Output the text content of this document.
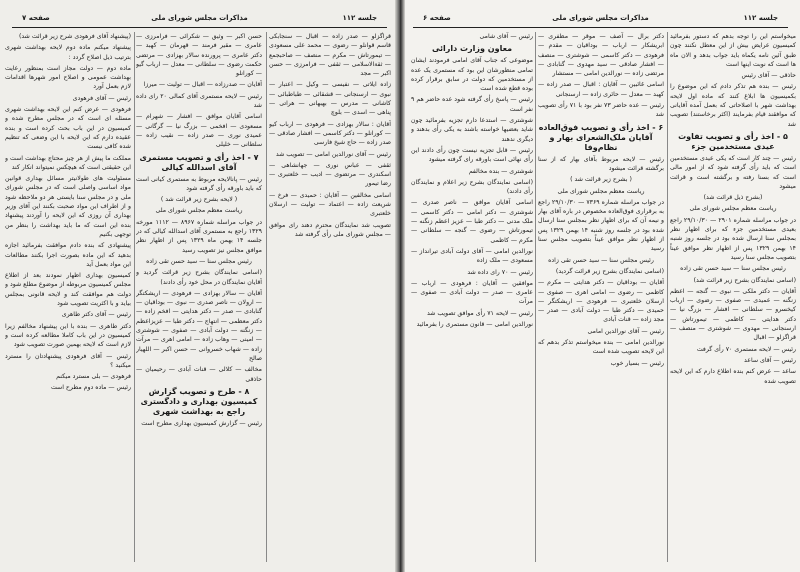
جلسه ۱۱۲
مذاکرات مجلس شورای ملی
صفحه ۷

قراگزلو — صدر زاده — اقبال — سنجابکی قاسم قوانلو — رضوی — محمد علی مسعودی — تیمورتاش — مکرم — منصف — صاحبجمع — ثقةالاسلامی — ثقفی — فرامرزی — حسن اکبر — مجد

زاده ایلاتی — نفیسی — وکیل — اعتبار — نبوی — ارسنجانی — قشقائی — طباطبائی — کاشانی — مدرس — بهبهانی — هراتی — پناهی — اسدی — بلوچ

آقایان : سالار بهزادی — فرهودی — ارباب کیو — کورانلو — دکتر کاسمی — افشار صادقی — صدر زاده — حاج شیخ فارسی

رئیس — آقای نورالدین امامی — تصویب شد

ثقفی — عباس نوری — جهانشاهی — اسکندری — مرتضوی — ادیب — خلعتبری — رضا تیمور

اسامی مخالفین — آقایان : حمیدی — فرخ — شریعت زاده — اعتماد — تولیت — ارسلان خلعتبری

تصویب شد نمایندگان محترم دهند رای موافق — مجلس شورای ملی رأی گرفته شد

حسن اکبر — وثیق — شکرائی — فرامرزی — عامری — مقیر فرمند — قهرمان — کهبد — دکتر عامری — پرورنده سالار بهزادی — مرتضی حکمت رضوی — سلطانی — معدل — ارباب گیو — کورانلو

آقایان — صدرزاده — اقبال — تولیت — میرزا

رئیس — لایحه مستمری آقای کمالی ۲۰ رای داده شد

اسامی آقایان موافق — افشار — شهرام — مسعودی — افخمی — بزرگ نیا — گرگانی — عمیدی نوری — صدر زاده — نقیب زاده — سلطانی — خلیلی

۷ - اخذ رأی و تصویب مستمری آقای اسدالله کیالی

رئیس — پانالایحه مربوط به مستمری کیانی است که باید باورقه رأی گرفته شود

( لایحه بشرح زیر قرائت شد )

ریاست معظم مجلس شورای ملی

در جواب مراسله شماره ۸۹۶۷ — ۱۱۱۲ مورخه ۱۳۲۹ راجع به مستمری آقای اسدالله کیالی که در جلسه ۱۴ بهمن ماه ۱۳۲۹ پس از اظهار نظر موافق مجلس نیز تصویب رسید

رئیس مجلس سنا — سید حسن تقی زاده

(اسامی نمایندگان بشرح زیر قرائت گردید و آقایان نمایندگان در محل خود رأی دادند)

آقایان — سالار بهزادی — فرهودی — اریشکتگر — ارولان — ناصر صدری — نبوی — بوداقیان — گنابادی — صدر — دکتر هدایتی — افخم زاده — دکتر معظمی — انتهاج — دکتر طبا — عزیزاعظم — زنگنه — دولت آبادی — صفوی — شوشتری — امینی — وهاب زاده — امامی اهری — مرآت زاده — شهاب خسروانی — حسن اکبر — اللهیار صالح

مخالف — کلالی — قنات آبادی — رحیمیان — حاذقی

۸ - طرح و تصویب گزارش کمیسیون بهداری و دادگستری راجع به بهداشت شهری

رئیس — گزارش کمیسیون بهداری مطرح است

(پیشنهاد آقای فرهودی شرح زیر قرائت شد)

پیشنهاد میکنم ماده دوم لایحه بهداشت شهری بترتیب ذیل اصلاح گردد :

ماده دوم — دولت مجاز است بمنظور رعایت بهداشت عمومی و اصلاح امور شهرها اقدامات لازم بعمل آورد

رئیس — آقای فرهودی

فرهودی — عرض کنم این لایحه بهداشت شهری مسئله ای است که در مجلس مطرح شده و کمیسیون در این باب بحث کرده است و بنده عقیده دارم که این لایحه با این وضعی که تنظیم شده کافی نیست

مملکت ما پیش از هر چیز محتاج بهداشت است و این حقیقتی است که هیچکس نمیتواند انکار کند

مسئولیت های طولانیتر مسائل بهداری قوانین مواد اساسی واصلی است که در مجلس شورای ملی و در مجلس سنا بایستی هر دو ملاحظه شود و از اطراف این مواد صحبت بکنند این آقای وزیر بهداری آن روزی که این لایحه را آوردند پیشنهاد بنده این است که ما باید بهداشت را بنظر من توجهی بکنیم

پیشنهادی که بنده دادم موافقت بفرمائید اجازه بدهید که این ماده بصورت اجرا بکنند مطالعات این مواد بعمل آید

کمیسیون بهداری اظهار نمودند بعد از اطلاع مجلس کمیسیون مربوطه از موضوع مطلع شود و دولت هم موافقت کند و لایحه قانونی بمجلس بیاید و با اکثریت تصویب شود

رئیس — آقای دکتر طاهری

دکتر طاهری — بنده با این پیشنهاد مخالفم زیرا کمیسیون در این باب کاملا مطالعه کرده است و لازم است که لایحه بهمین صورت تصویب شود

رئیس — آقای فرهودی پیشنهادتان را مسترد میکنید ؟

فرهودی — بلی مسترد میکنم

رئیس — ماده دوم مطرح است

جلسه ۱۱۲
مذاکرات مجلس شورای ملی
صفحه ۶

رئیس — آقای شامی

معاون وزارت دارائی

موضوعی که جناب آقای امامی فرمودند ایشان تمامی منظورشان این بود که مستمری یک عده از مستخدمین که دولت در سابق برقرار کرده بوده قطع شده است

رئیس — پاسخ رأی گرفته شود عده حاضر هم ۹ نفر است

شوشتری — استدعا دارم تجزیه بفرمائید چون شاید بعضیها خواسته باشند به یکی رأی بدهند و دیگری ندهند

رئیس — قابل تجزیه نیست چون رأی دادند این رأی نهائی است باورقه رای گرفته میشود

شوشتری — بنده مخالفم

(اسامی نمایندگان بشرح زیر اعلام و نمایندگان رأی دادند)

اسامی آقایان موافق — ناصر صدری — شوشتری — دکتر امامی — دکتر کاسمی — ملک مدنی — دکتر طبا — عزیز اعظم زنگنه — تیمورتاش — رضوی — گنجه — سلطانی — مکرم — کاظمی

نورالدین امامی — آقای دولت آبادی تیرانداز — مسعودی — ملک زاده

رئیس — ۷۰ رای داده شد

موافقین — آقایان : فرهودی — ارباب — عامری — صدر — دولت آبادی — صفوی — مرآت

رئیس — لایحه ۷۱ رأی موافق تصویب شد

نورالدین امامی — قانون مستمری را بفرمائید

دکتر برال — آصف — موقر — مظفری — ابریشکار — ارباب — بوداقیان — مقدم — فرهودی — دکتر کاسمی — شوشتری — منصف — افشار صادقی — سید مهدوی — گنابادی — مرتضی زاده — نورالدین امامی — مستشار

اسامی غائبین — آقایان : اقبال — صدر زاده — کهبد — معدل — حائری زاده — ارسنجانی

رئیس — عده حاضر ۷۳ نفر بود با ۷۱ رأی تصویب شد

۶ - اخذ رأی و تصویب فوق‌العاده آقایان ملک‌الشعرای بهار و نظام‌وفا

رئیس — لایحه مربوط بآقای بهار که از سنا برگشته قرائت میشود

( بشرح زیر قرائت شد )

ریاست معظم مجلس شورای ملی

در جواب مراسله شماره ۷۳۶۹ — ۲۹/۱۰/۳۰ راجع به برقراری فوق‌العاده مخصوص در باره آقای بهار و نیمه آن که برای اظهار نظر بمجلس سنا ارسال شده بود در جلسه روز شنبه ۱۴ بهمن ۱۳۲۹ پس از اظهار نظر موافق عیناً بتصویب مجلس سنا رسید

رئیس مجلس سنا — سید حسن تقی زاده

(اسامی نمایندگان بشرح زیر قرائت گردید)

آقایان — بوداقیان — دکتر هدایتی — مکرم — کاظمی — رضوی — امامی اهری — صفوی — ارسلان خلعتبری — فرهودی — اریشکتگر — حمیدی — دکتر طبا — دولت آبادی — صدر — مجد زاده — قنات آبادی

رئیس — آقای نورالدین امامی

نورالدین امامی — بنده میخواستم تذکر بدهم که این لایحه تصویب شده است

رئیس — بسیار خوب

میخواستم این را توجه بدهم که دستور بفرمائید کمیسیون عرایض بیش از این معطل نکنند چون طبق آئین نامه یکماه باید جواب بدهد و الان ماه ها است که نوبت اینها است

حاذقی — آقای رئیس

رئیس — بنده هم تذکر دادم که این موضوع را بکمیسیون ها ابلاغ کنند که ماده اول لایحه بهداشت شهر با اصلاحاتی که بعمل آمده آقایانی که موافقند قیام بفرمایند (اکثر برخاستند) تصویب شد

۵ - اخذ رأی و تصویب تفاوت عیدی مستخدمین جزء

رئیس — چند کار است که یکی عیدی مستخدمین است که باید رأی گرفته شود که از امور مالی است که بسنا رفته و برگشته است و قرائت میشود

(بشرح ذیل قرائت شد)

ریاست معظم مجلس شورای ملی

در جواب مراسله شماره ۲۹۰۱ — ۲۹/۱۰/۳۰ راجع بعیدی مستخدمین جزء که برای اظهار نظر بمجلس سنا ارسال شده بود در جلسه روز شنبه ۱۴ بهمن ۱۳۲۹ پس از اظهار نظر موافق عیناً بتصویب مجلس سنا رسید

رئیس مجلس سنا — سید حسن تقی زاده

(اسامی نمایندگان بشرح زیر قرائت شد)

آقایان — دکتر ملکی — نبوی — گنجه — اعظم زنگنه — عمیدی — صفوی — رضوی — ارباب کیخسرو — سلطانی — افشار — بزرگ نیا — دکتر هدایتی — کاظمی — تیمورتاش — ارسنجانی — مهدوی — شوشتری — منصف — قراگزلو — اقبال

رئیس — لایحه مستمری ۷۰ رأی گرفت

رئیس — آقای ساعد

ساعد — عرض کنم بنده اطلاع دارم که این لایحه تصویب شده
